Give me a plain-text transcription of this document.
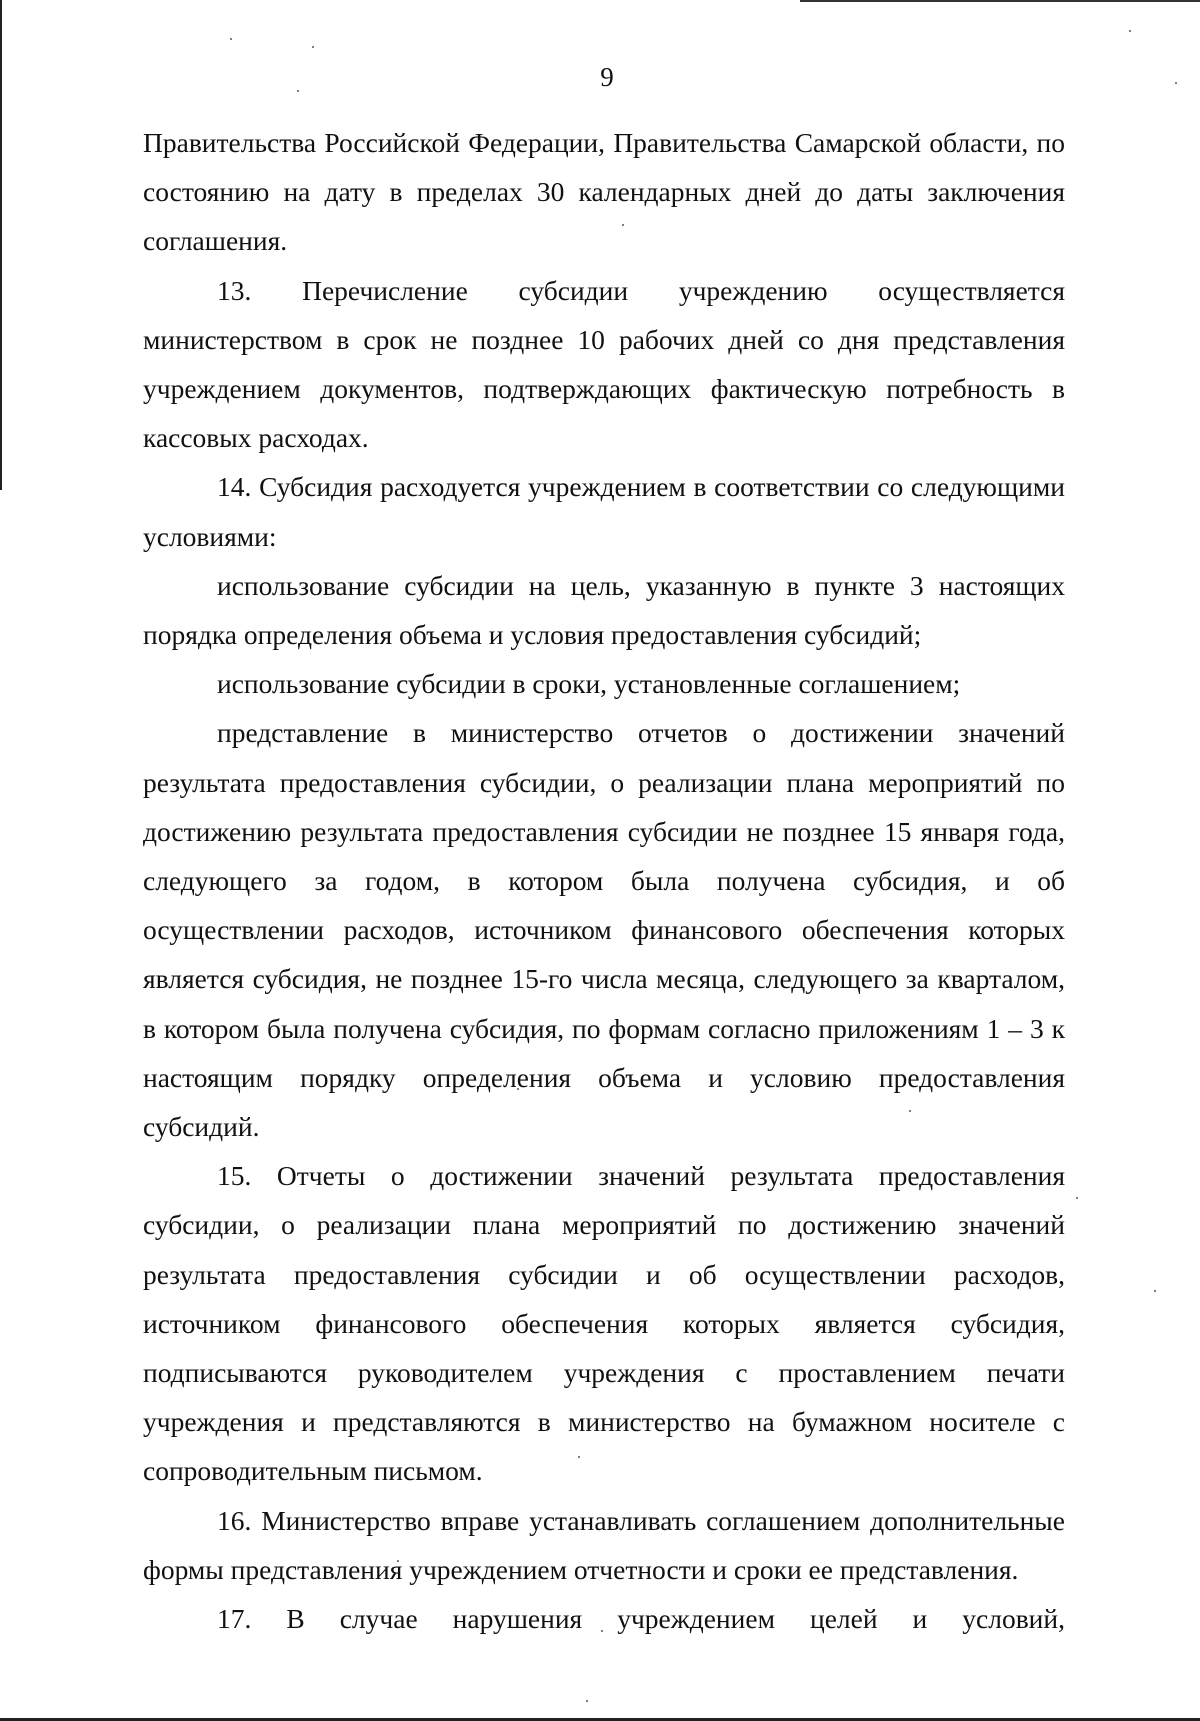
9

Правительства Российской Федерации, Правительства Самарской области, по состоянию на дату в пределах 30 календарных дней до даты заключения соглашения.

13. Перечисление субсидии учреждению осуществляется министерством в срок не позднее 10 рабочих дней со дня представления учреждением документов, подтверждающих фактическую потребность в кассовых расходах.

14. Субсидия расходуется учреждением в соответствии со следующими условиями:

использование субсидии на цель, указанную в пункте 3 настоящих порядка определения объема и условия предоставления субсидий;

использование субсидии в сроки, установленные соглашением;

представление в министерство отчетов о достижении значений результата предоставления субсидии, о реализации плана мероприятий по достижению результата предоставления субсидии не позднее 15 января года, следующего за годом, в котором была получена субсидия, и об осуществлении расходов, источником финансового обеспечения которых является субсидия, не позднее 15-го числа месяца, следующего за кварталом, в котором была получена субсидия, по формам согласно приложениям 1 – 3 к настоящим порядку определения объема и условию предоставления субсидий.

15. Отчеты о достижении значений результата предоставления субсидии, о реализации плана мероприятий по достижению значений результата предоставления субсидии и об осуществлении расходов, источником финансового обеспечения которых является субсидия, подписываются руководителем учреждения с проставлением печати учреждения и представляются в министерство на бумажном носителе с сопроводительным письмом.

16. Министерство вправе устанавливать соглашением дополнительные формы представления учреждением отчетности и сроки ее представления.

17. В случае нарушения учреждением целей и условий,
